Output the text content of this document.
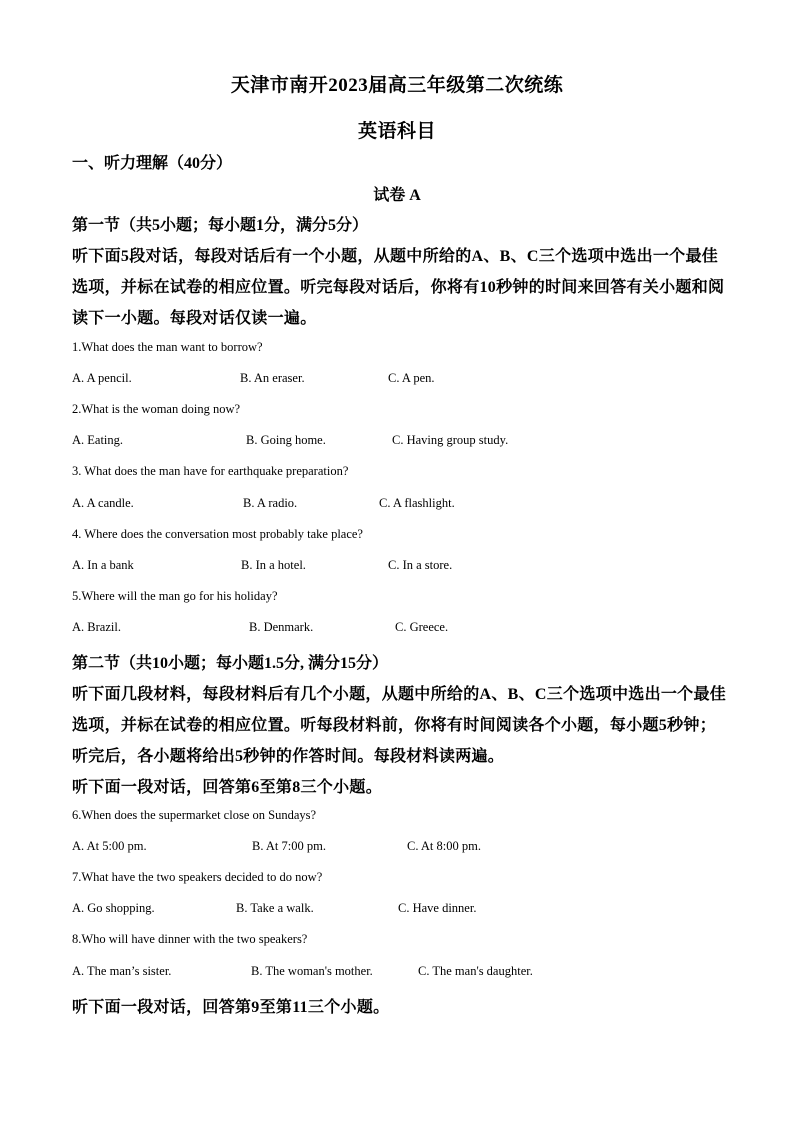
天津市南开2023届高三年级第二次统练
英语科目
一、听力理解（40分）
试卷 A
第一节（共5小题；每小题1分，满分5分）
听下面5段对话，每段对话后有一个小题，从题中所给的A、B、C三个选项中选出一个最佳
选项，并标在试卷的相应位置。听完每段对话后，你将有10秒钟的时间来回答有关小题和阅
读下一小题。每段对话仅读一遍。
1.What does the man want to borrow?
A. A pencil.	B. An eraser.	C. A pen.
2.What is the woman doing now?
A. Eating.	B. Going home.	C. Having group study.
3. What does the man have for earthquake preparation?
A. A candle.	B. A radio.	C. A flashlight.
4. Where does the conversation most probably take place?
A. In a bank	B. In a hotel.	C. In a store.
5.Where will the man go for his holiday?
A. Brazil.	B. Denmark.	C. Greece.
第二节（共10小题；每小题1.5分, 满分15分）
听下面几段材料，每段材料后有几个小题，从题中所给的A、B、C三个选项中选出一个最佳
选项，并标在试卷的相应位置。听每段材料前，你将有时间阅读各个小题，每小题5秒钟；
听完后，各小题将给出5秒钟的作答时间。每段材料读两遍。
听下面一段对话，回答第6至第8三个小题。
6.When does the supermarket close on Sundays?
A. At 5:00 pm.	B. At 7:00 pm.	C. At 8:00 pm.
7.What have the two speakers decided to do now?
A. Go shopping.	B. Take a walk.	C. Have dinner.
8.Who will have dinner with the two speakers?
A. The man’s sister.	B. The woman's mother.	C. The man's daughter.
听下面一段对话，回答第9至第11三个小题。
